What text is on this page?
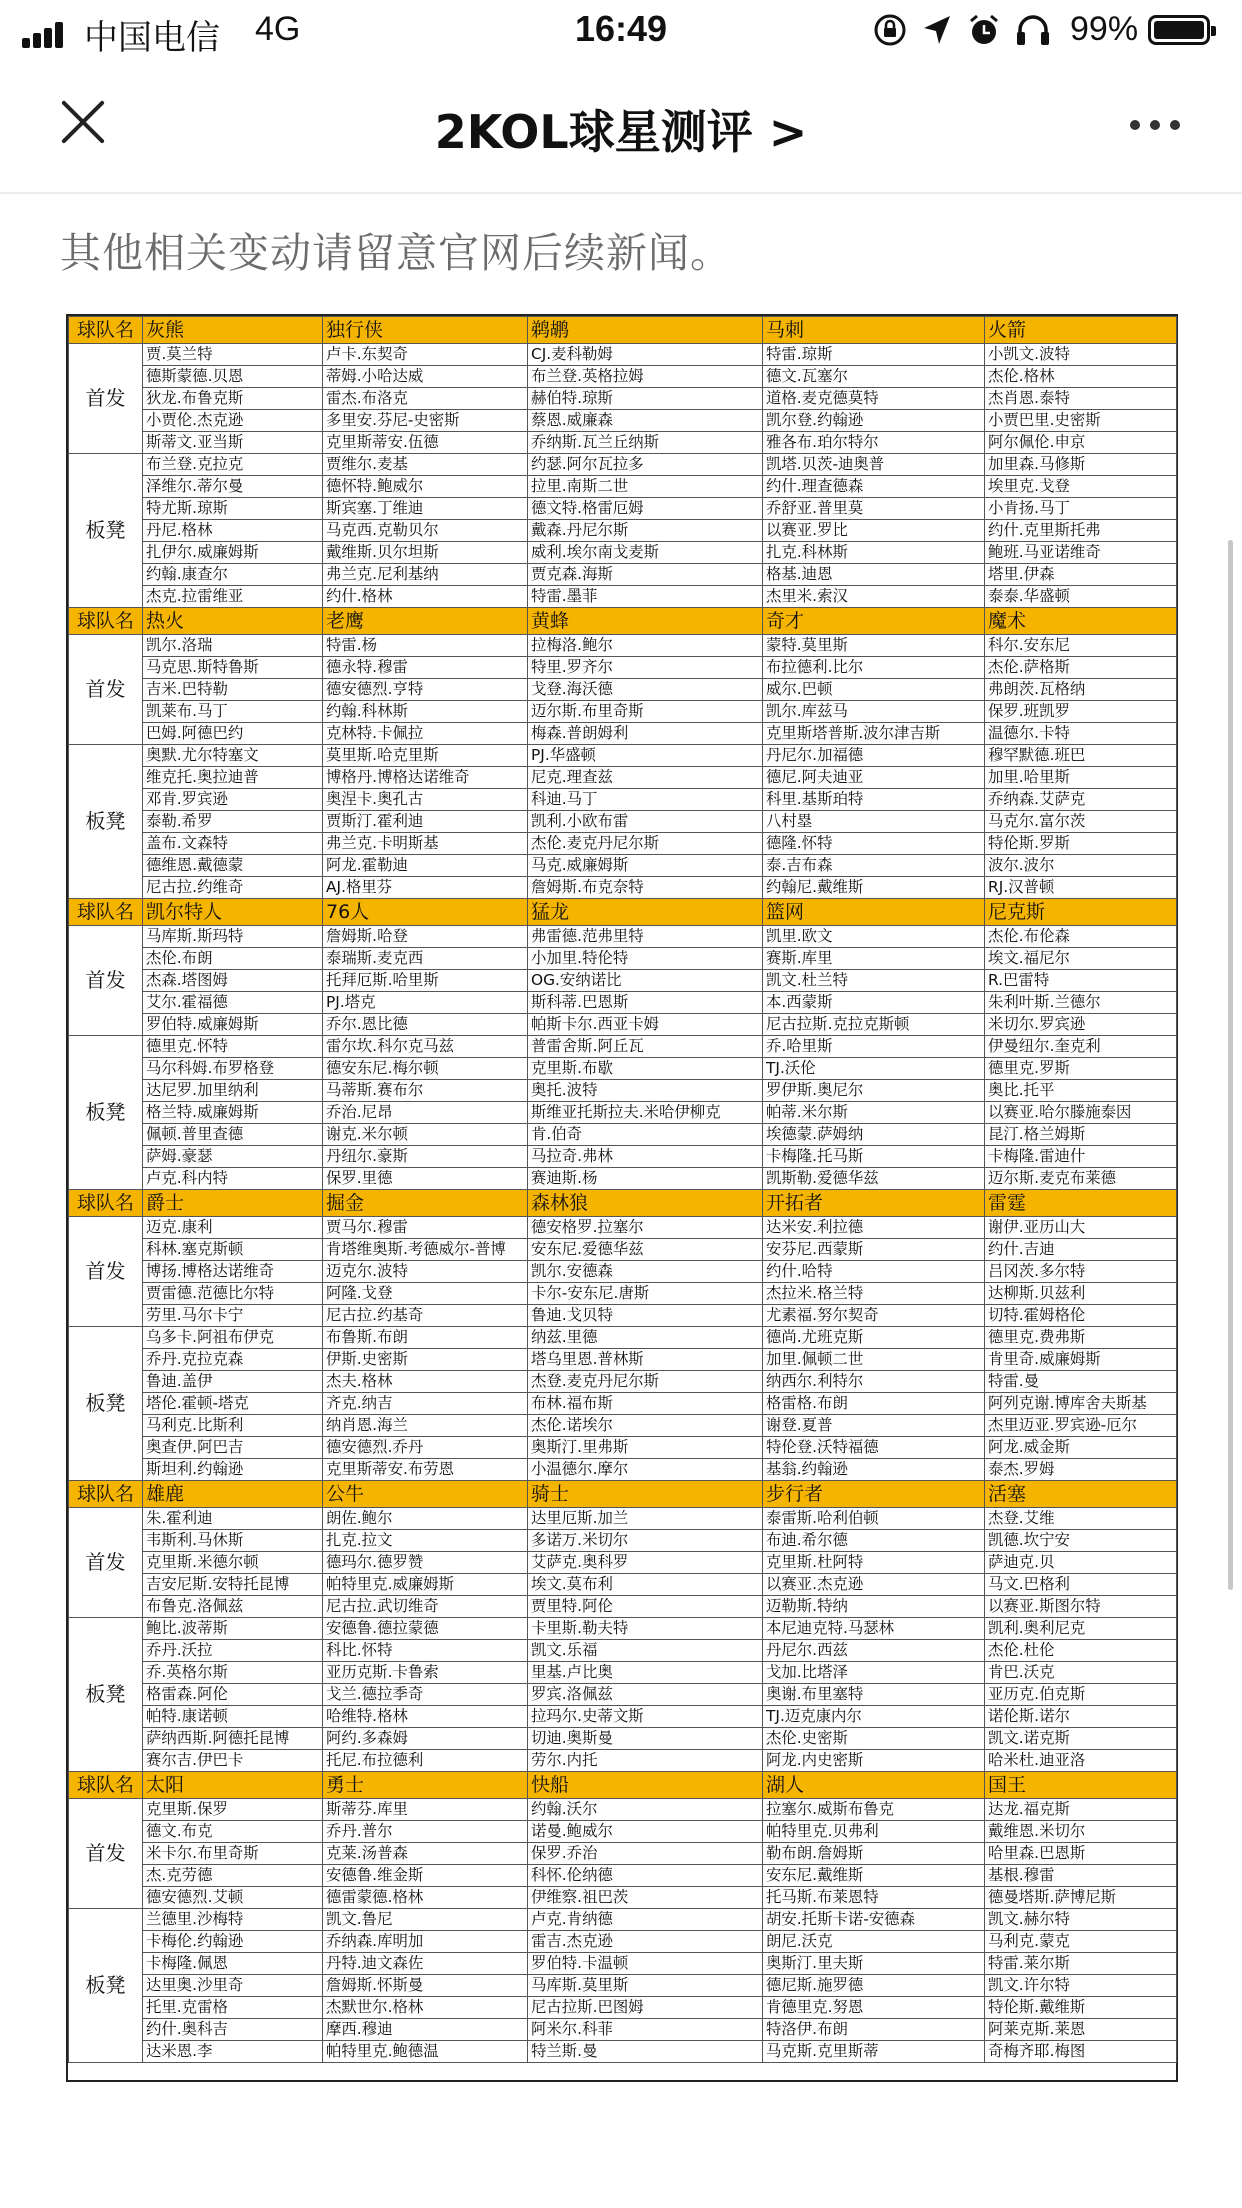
中国电信 4G	16:49	99%
2KOL球星测评 >
其他相关变动请留意官网后续新闻。
球队名	灰熊	独行侠	鹈鹕	马刺	火箭
首发	贾.莫兰特	卢卡.东契奇	CJ.麦科勒姆	特雷.琼斯	小凯文.波特
	德斯蒙德.贝恩	蒂姆.小哈达威	布兰登.英格拉姆	德文.瓦塞尔	杰伦.格林
	狄龙.布鲁克斯	雷杰.布洛克	赫伯特.琼斯	道格.麦克德莫特	杰肖恩.泰特
	小贾伦.杰克逊	多里安.芬尼-史密斯	蔡恩.威廉森	凯尔登.约翰逊	小贾巴里.史密斯
	斯蒂文.亚当斯	克里斯蒂安.伍德	乔纳斯.瓦兰丘纳斯	雅各布.珀尔特尔	阿尔佩伦.申京
板凳	布兰登.克拉克	贾维尔.麦基	约瑟.阿尔瓦拉多	凯塔.贝茨-迪奥普	加里森.马修斯
	泽维尔.蒂尔曼	德怀特.鲍威尔	拉里.南斯二世	约什.理查德森	埃里克.戈登
	特尤斯.琼斯	斯宾塞.丁维迪	德文特.格雷厄姆	乔舒亚.普里莫	小肯扬.马丁
	丹尼.格林	马克西.克勒贝尔	戴森.丹尼尔斯	以赛亚.罗比	约什.克里斯托弗
	扎伊尔.威廉姆斯	戴维斯.贝尔坦斯	威利.埃尔南戈麦斯	扎克.科林斯	鲍班.马亚诺维奇
	约翰.康查尔	弗兰克.尼利基纳	贾克森.海斯	格基.迪恩	塔里.伊森
	杰克.拉雷维亚	约什.格林	特雷.墨菲	杰里米.索汉	泰泰.华盛顿
球队名	热火	老鹰	黄蜂	奇才	魔术
首发	凯尔.洛瑞	特雷.杨	拉梅洛.鲍尔	蒙特.莫里斯	科尔.安东尼
	马克思.斯特鲁斯	德永特.穆雷	特里.罗齐尔	布拉德利.比尔	杰伦.萨格斯
	吉米.巴特勒	德安德烈.亨特	戈登.海沃德	威尔.巴顿	弗朗茨.瓦格纳
	凯莱布.马丁	约翰.科林斯	迈尔斯.布里奇斯	凯尔.库兹马	保罗.班凯罗
	巴姆.阿德巴约	克林特.卡佩拉	梅森.普朗姆利	克里斯塔普斯.波尔津吉斯	温德尔.卡特
板凳	奥默.尤尔特塞文	莫里斯.哈克里斯	PJ.华盛顿	丹尼尔.加福德	穆罕默德.班巴
	维克托.奥拉迪普	博格丹.博格达诺维奇	尼克.理查兹	德尼.阿夫迪亚	加里.哈里斯
	邓肯.罗宾逊	奥涅卡.奥孔古	科迪.马丁	科里.基斯珀特	乔纳森.艾萨克
	泰勒.希罗	贾斯汀.霍利迪	凯利.小欧布雷	八村塁	马克尔.富尔茨
	盖布.文森特	弗兰克.卡明斯基	杰伦.麦克丹尼尔斯	德隆.怀特	特伦斯.罗斯
	德维恩.戴德蒙	阿龙.霍勒迪	马克.威廉姆斯	泰.吉布森	波尔.波尔
	尼古拉.约维奇	AJ.格里芬	詹姆斯.布克奈特	约翰尼.戴维斯	RJ.汉普顿
球队名	凯尔特人	76人	猛龙	篮网	尼克斯
首发	马库斯.斯玛特	詹姆斯.哈登	弗雷德.范弗里特	凯里.欧文	杰伦.布伦森
	杰伦.布朗	泰瑞斯.麦克西	小加里.特伦特	赛斯.库里	埃文.福尼尔
	杰森.塔图姆	托拜厄斯.哈里斯	OG.安纳诺比	凯文.杜兰特	R.巴雷特
	艾尔.霍福德	PJ.塔克	斯科蒂.巴恩斯	本.西蒙斯	朱利叶斯.兰德尔
	罗伯特.威廉姆斯	乔尔.恩比德	帕斯卡尔.西亚卡姆	尼古拉斯.克拉克斯顿	米切尔.罗宾逊
板凳	德里克.怀特	雷尔坎.科尔克马兹	普雷舍斯.阿丘瓦	乔.哈里斯	伊曼纽尔.奎克利
	马尔科姆.布罗格登	德安东尼.梅尔顿	克里斯.布歇	TJ.沃伦	德里克.罗斯
	达尼罗.加里纳利	马蒂斯.赛布尔	奥托.波特	罗伊斯.奥尼尔	奥比.托平
	格兰特.威廉姆斯	乔治.尼昂	斯维亚托斯拉夫.米哈伊柳克	帕蒂.米尔斯	以赛亚.哈尔滕施泰因
	佩顿.普里查德	谢克.米尔顿	肯.伯奇	埃德蒙.萨姆纳	昆汀.格兰姆斯
	萨姆.豪瑟	丹纽尔.豪斯	马拉奇.弗林	卡梅隆.托马斯	卡梅隆.雷迪什
	卢克.科内特	保罗.里德	赛迪斯.杨	凯斯勒.爱德华兹	迈尔斯.麦克布莱德
球队名	爵士	掘金	森林狼	开拓者	雷霆
首发	迈克.康利	贾马尔.穆雷	德安格罗.拉塞尔	达米安.利拉德	谢伊.亚历山大
	科林.塞克斯顿	肯塔维奥斯.考德威尔-普博	安东尼.爱德华兹	安芬尼.西蒙斯	约什.吉迪
	博扬.博格达诺维奇	迈克尔.波特	凯尔.安德森	约什.哈特	吕冈茨.多尔特
	贾雷德.范德比尔特	阿隆.戈登	卡尔-安东尼.唐斯	杰拉米.格兰特	达柳斯.贝兹利
	劳里.马尔卡宁	尼古拉.约基奇	鲁迪.戈贝特	尤素福.努尔契奇	切特.霍姆格伦
板凳	乌多卡.阿祖布伊克	布鲁斯.布朗	纳兹.里德	德尚.尤班克斯	德里克.费弗斯
	乔丹.克拉克森	伊斯.史密斯	塔乌里恩.普林斯	加里.佩顿二世	肯里奇.威廉姆斯
	鲁迪.盖伊	杰夫.格林	杰登.麦克丹尼尔斯	纳西尔.利特尔	特雷.曼
	塔伦.霍顿-塔克	齐克.纳吉	布林.福布斯	格雷格.布朗	阿列克谢.博库舍夫斯基
	马利克.比斯利	纳肖恩.海兰	杰伦.诺埃尔	谢登.夏普	杰里迈亚.罗宾逊-厄尔
	奥查伊.阿巴吉	德安德烈.乔丹	奥斯汀.里弗斯	特伦登.沃特福德	阿龙.威金斯
	斯坦利.约翰逊	克里斯蒂安.布劳恩	小温德尔.摩尔	基翁.约翰逊	泰杰.罗姆
球队名	雄鹿	公牛	骑士	步行者	活塞
首发	朱.霍利迪	朗佐.鲍尔	达里厄斯.加兰	泰雷斯.哈利伯顿	杰登.艾维
	韦斯利.马休斯	扎克.拉文	多诺万.米切尔	布迪.希尔德	凯德.坎宁安
	克里斯.米德尔顿	德玛尔.德罗赞	艾萨克.奥科罗	克里斯.杜阿特	萨迪克.贝
	吉安尼斯.安特托昆博	帕特里克.威廉姆斯	埃文.莫布利	以赛亚.杰克逊	马文.巴格利
	布鲁克.洛佩兹	尼古拉.武切维奇	贾里特.阿伦	迈勒斯.特纳	以赛亚.斯图尔特
板凳	鲍比.波蒂斯	安德鲁.德拉蒙德	卡里斯.勒夫特	本尼迪克特.马瑟林	凯利.奥利尼克
	乔丹.沃拉	科比.怀特	凯文.乐福	丹尼尔.西兹	杰伦.杜伦
	乔.英格尔斯	亚历克斯.卡鲁索	里基.卢比奥	戈加.比塔泽	肯巴.沃克
	格雷森.阿伦	戈兰.德拉季奇	罗宾.洛佩兹	奥谢.布里塞特	亚历克.伯克斯
	帕特.康诺顿	哈维特.格林	拉玛尔.史蒂文斯	TJ.迈克康内尔	诺伦斯.诺尔
	萨纳西斯.阿德托昆博	阿约.多森姆	切迪.奥斯曼	杰伦.史密斯	凯文.诺克斯
	赛尔吉.伊巴卡	托尼.布拉德利	劳尔.内托	阿龙.内史密斯	哈米杜.迪亚洛
球队名	太阳	勇士	快船	湖人	国王
首发	克里斯.保罗	斯蒂芬.库里	约翰.沃尔	拉塞尔.威斯布鲁克	达龙.福克斯
	德文.布克	乔丹.普尔	诺曼.鲍威尔	帕特里克.贝弗利	戴维恩.米切尔
	米卡尔.布里奇斯	克莱.汤普森	保罗.乔治	勒布朗.詹姆斯	哈里森.巴恩斯
	杰.克劳德	安德鲁.维金斯	科怀.伦纳德	安东尼.戴维斯	基根.穆雷
	德安德烈.艾顿	德雷蒙德.格林	伊维察.祖巴茨	托马斯.布莱恩特	德曼塔斯.萨博尼斯
板凳	兰德里.沙梅特	凯文.鲁尼	卢克.肯纳德	胡安.托斯卡诺-安德森	凯文.赫尔特
	卡梅伦.约翰逊	乔纳森.库明加	雷吉.杰克逊	朗尼.沃克	马利克.蒙克
	卡梅隆.佩恩	丹特.迪文森佐	罗伯特.卡温顿	奥斯汀.里夫斯	特雷.莱尔斯
	达里奥.沙里奇	詹姆斯.怀斯曼	马库斯.莫里斯	德尼斯.施罗德	凯文.许尔特
	托里.克雷格	杰默世尔.格林	尼古拉斯.巴图姆	肯德里克.努恩	特伦斯.戴维斯
	约什.奥科吉	摩西.穆迪	阿米尔.科菲	特洛伊.布朗	阿莱克斯.莱恩
	达米恩.李	帕特里克.鲍德温	特兰斯.曼	马克斯.克里斯蒂	奇梅齐耶.梅图
